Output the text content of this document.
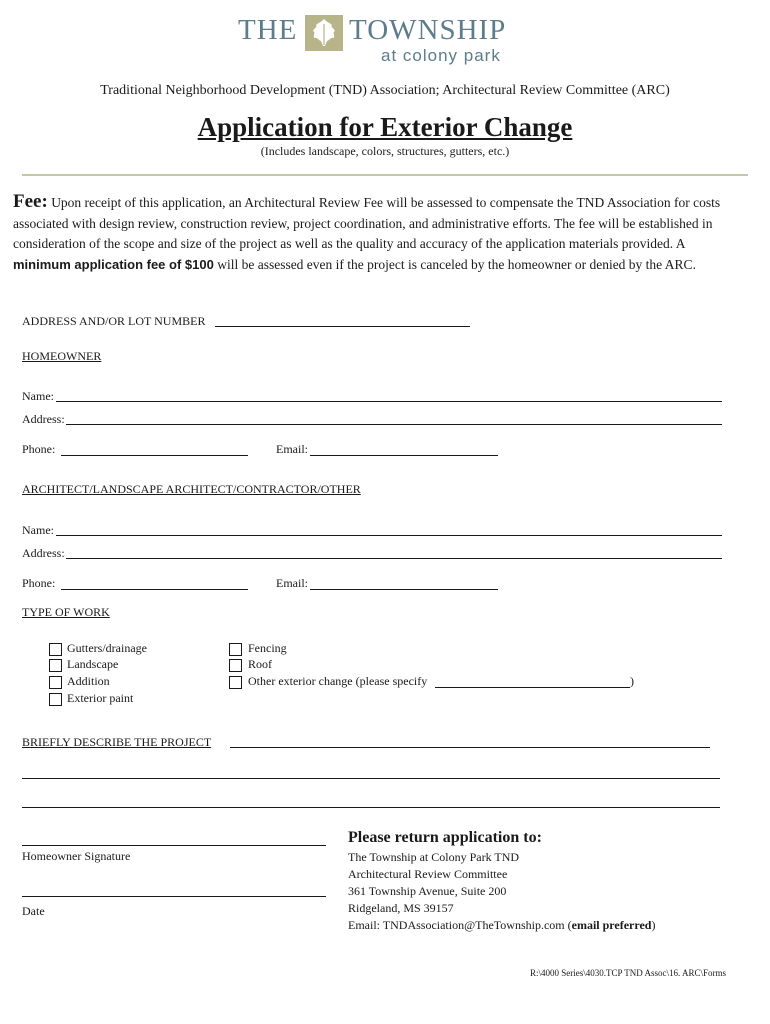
THE TOWNSHIP
at colony park
Traditional Neighborhood Development (TND) Association; Architectural Review Committee (ARC)
Application for Exterior Change
(Includes landscape, colors, structures, gutters, etc.)
Fee: Upon receipt of this application, an Architectural Review Fee will be assessed to compensate the TND Association for costs associated with design review, construction review, project coordination, and administrative efforts. The fee will be established in consideration of the scope and size of the project as well as the quality and accuracy of the application materials provided. A minimum application fee of $100 will be assessed even if the project is canceled by the homeowner or denied by the ARC.
ADDRESS AND/OR LOT NUMBER
HOMEOWNER
Name:
Address:
Phone:	Email:
ARCHITECT/LANDSCAPE ARCHITECT/CONTRACTOR/OTHER
Name:
Address:
Phone:	Email:
TYPE OF WORK
Gutters/drainage
Landscape
Addition
Exterior paint
Fencing
Roof
Other exterior change (please specify	)
BRIEFLY DESCRIBE THE PROJECT
Homeowner Signature
Date
Please return application to:
The Township at Colony Park TND
Architectural Review Committee
361 Township Avenue, Suite 200
Ridgeland, MS 39157
Email: TNDAssociation@TheTownship.com (email preferred)
R:\4000 Series\4030.TCP TND Assoc\16. ARC\Forms
